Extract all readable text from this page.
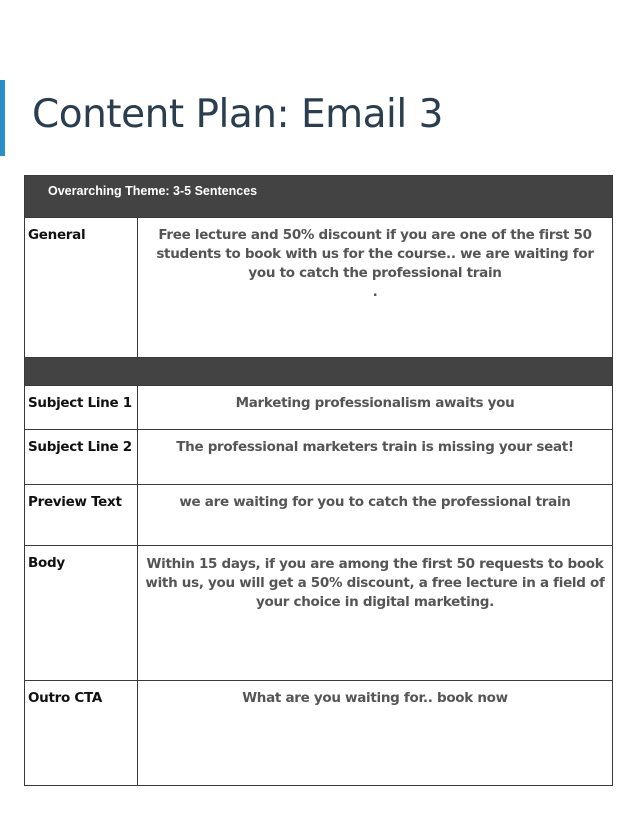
Content Plan: Email 3
Overarching Theme: 3-5 Sentences	
General	Free lecture and 50% discount if you are one of the first 50 students to book with us for the course.. we are waiting for you to catch the professional train
.

Subject Line 1	Marketing professionalism awaits you
Subject Line 2	The professional marketers train is missing your seat!
Preview Text	we are waiting for you to catch the professional train
Body	Within 15 days, if you are among the first 50 requests to book with us, you will get a 50% discount, a free lecture in a field of your choice in digital marketing.
Outro CTA	What are you waiting for.. book now
